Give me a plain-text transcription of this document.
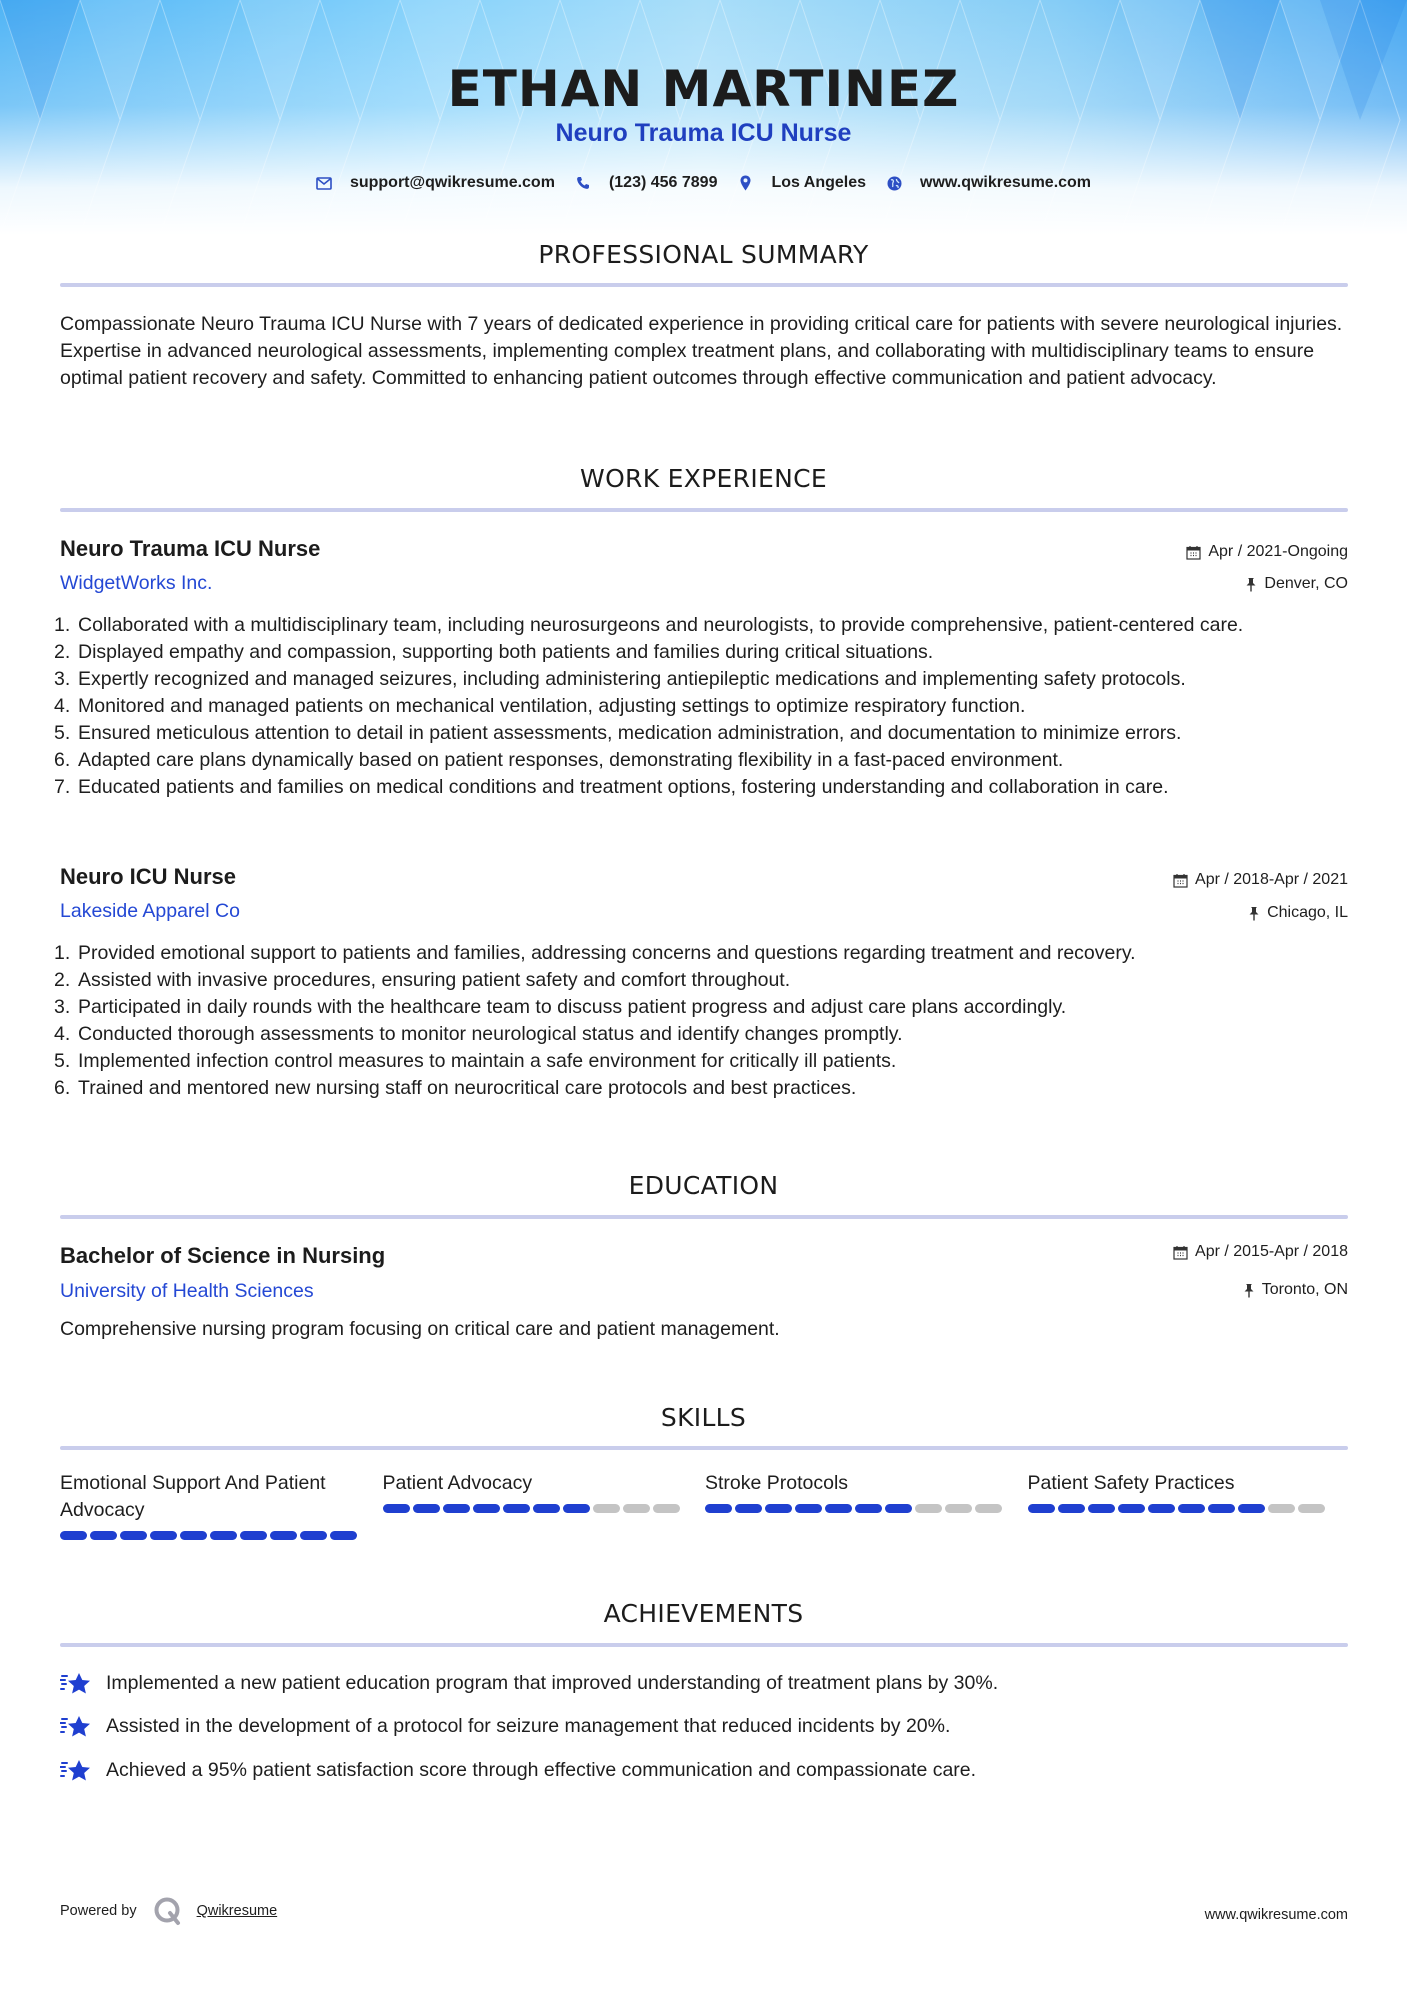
ETHAN MARTINEZ
Neuro Trauma ICU Nurse
support@qwikresume.com	(123) 456 7899	Los Angeles	www.qwikresume.com
PROFESSIONAL SUMMARY
Compassionate Neuro Trauma ICU Nurse with 7 years of dedicated experience in providing critical care for patients with severe neurological injuries. Expertise in advanced neurological assessments, implementing complex treatment plans, and collaborating with multidisciplinary teams to ensure optimal patient recovery and safety. Committed to enhancing patient outcomes through effective communication and patient advocacy.
WORK EXPERIENCE
Neuro Trauma ICU Nurse
WidgetWorks Inc.
Apr / 2021-Ongoing
Denver, CO
1. Collaborated with a multidisciplinary team, including neurosurgeons and neurologists, to provide comprehensive, patient-centered care.
2. Displayed empathy and compassion, supporting both patients and families during critical situations.
3. Expertly recognized and managed seizures, including administering antiepileptic medications and implementing safety protocols.
4. Monitored and managed patients on mechanical ventilation, adjusting settings to optimize respiratory function.
5. Ensured meticulous attention to detail in patient assessments, medication administration, and documentation to minimize errors.
6. Adapted care plans dynamically based on patient responses, demonstrating flexibility in a fast-paced environment.
7. Educated patients and families on medical conditions and treatment options, fostering understanding and collaboration in care.
Neuro ICU Nurse
Lakeside Apparel Co
Apr / 2018-Apr / 2021
Chicago, IL
1. Provided emotional support to patients and families, addressing concerns and questions regarding treatment and recovery.
2. Assisted with invasive procedures, ensuring patient safety and comfort throughout.
3. Participated in daily rounds with the healthcare team to discuss patient progress and adjust care plans accordingly.
4. Conducted thorough assessments to monitor neurological status and identify changes promptly.
5. Implemented infection control measures to maintain a safe environment for critically ill patients.
6. Trained and mentored new nursing staff on neurocritical care protocols and best practices.
EDUCATION
Bachelor of Science in Nursing
University of Health Sciences
Apr / 2015-Apr / 2018
Toronto, ON
Comprehensive nursing program focusing on critical care and patient management.
SKILLS
Emotional Support And Patient Advocacy
Patient Advocacy	Stroke Protocols	Patient Safety Practices
ACHIEVEMENTS
Implemented a new patient education program that improved understanding of treatment plans by 30%.
Assisted in the development of a protocol for seizure management that reduced incidents by 20%.
Achieved a 95% patient satisfaction score through effective communication and compassionate care.
Powered by	Qwikresume	www.qwikresume.com
